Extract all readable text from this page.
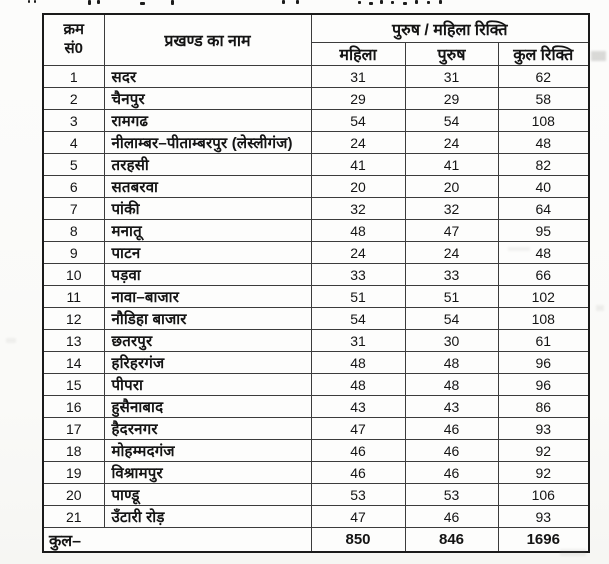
क्रम
सं0	प्रखण्ड का नाम	पुरुष / महिला रिक्ति		
		महिला	पुरुष	कुल रिक्ति
1	सदर	31	31	62
2	चैनपुर	29	29	58
3	रामगढ	54	54	108
4	नीलाम्बर–पीताम्बरपुर (लेस्लीगंज)	24	24	48
5	तरहसी	41	41	82
6	सतबरवा	20	20	40
7	पांकी	32	32	64
8	मनातू	48	47	95
9	पाटन	24	24	48
10	पड़वा	33	33	66
11	नावा–बाजार	51	51	102
12	नौडिहा बाजार	54	54	108
13	छतरपुर	31	30	61
14	हरिहरगंज	48	48	96
15	पीपरा	48	48	96
16	हुसैनाबाद	43	43	86
17	हैदरनगर	47	46	93
18	मोहम्मदगंज	46	46	92
19	विश्रामपुर	46	46	92
20	पाण्डू	53	53	106
21	उँटारी रोड़	47	46	93
कुल–		850	846	1696
